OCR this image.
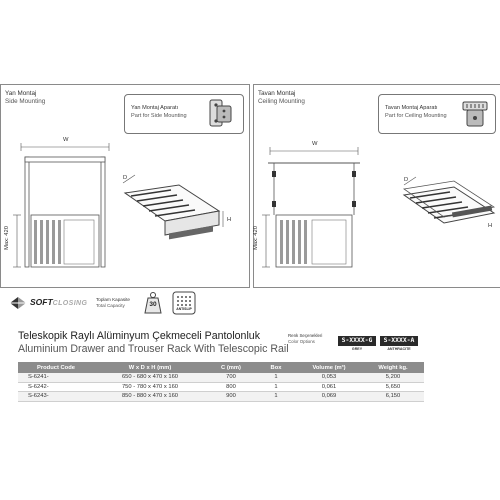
Yan Montaj
Side Mounting
Yan Montaj Aparatı
Part for Side Mounting
W
Max: 420
D
H
Tavan Montaj
Ceiling Mounting
Tavan Montaj Aparatı
Part for Ceiling Mounting
W
Max: 420
D
H
SOFTCLOSING
Toplam Kapasite
Total Capacity	30
ANTISLIP
Teleskopik Raylı Alüminyum Çekmeceli Pantolonluk
Aluminium Drawer and Trouser Rack With Telescopic Rail
Renk Seçenekleri
Color Options	S-XXXX-G
GREY
S-XXXX-A
ANTHRACITE
Product Code	W x D x H (mm)	C (mm)	Box	Volume (m³)	Weight kg.
S-6241-	650 - 680 x 470 x 160	700	1	0,053	5,200
S-6242-	750 - 780 x 470 x 160	800	1	0,061	5,650
S-6243-	850 - 880 x 470 x 160	900	1	0,069	6,150
